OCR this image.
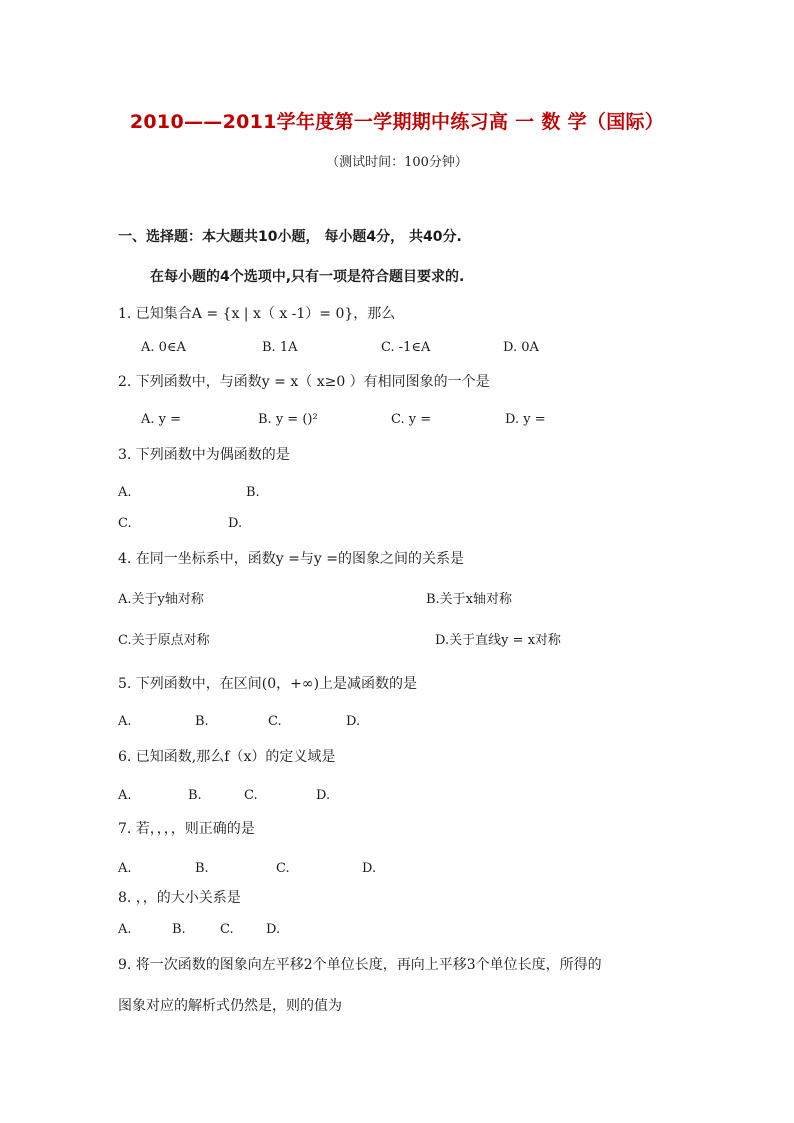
2010——2011学年度第一学期期中练习高 一 数 学（国际）
（测试时间：100分钟）
一、选择题：本大题共10小题， 每小题4分， 共40分.
在每小题的4个选项中,只有一项是符合题目要求的.
1. 已知集合A = {x | x（ x -1）= 0}，那么
A. 0∈A	B. 1A	C. -1∈A	D. 0A
2. 下列函数中，与函数y = x（ x≥0 ）有相同图象的一个是
A. y =	B. y = ()²	C. y =	D. y =
3. 下列函数中为偶函数的是
A.	B.
C.	D.
4. 在同一坐标系中，函数y =与y =的图象之间的关系是
A.关于y轴对称	B.关于x轴对称
C.关于原点对称	D.关于直线y = x对称
5. 下列函数中，在区间(0，+∞)上是减函数的是
A.	B.	C.	D.
6. 已知函数,那么f（x）的定义域是
A.	B.	C.	D.
7. 若，，，，则正确的是
A.	B.	C.	D.
8. ，，的大小关系是
A.	B.	C. D.
9. 将一次函数的图象向左平移2个单位长度，再向上平移3个单位长度，所得的
图象对应的解析式仍然是，则的值为
